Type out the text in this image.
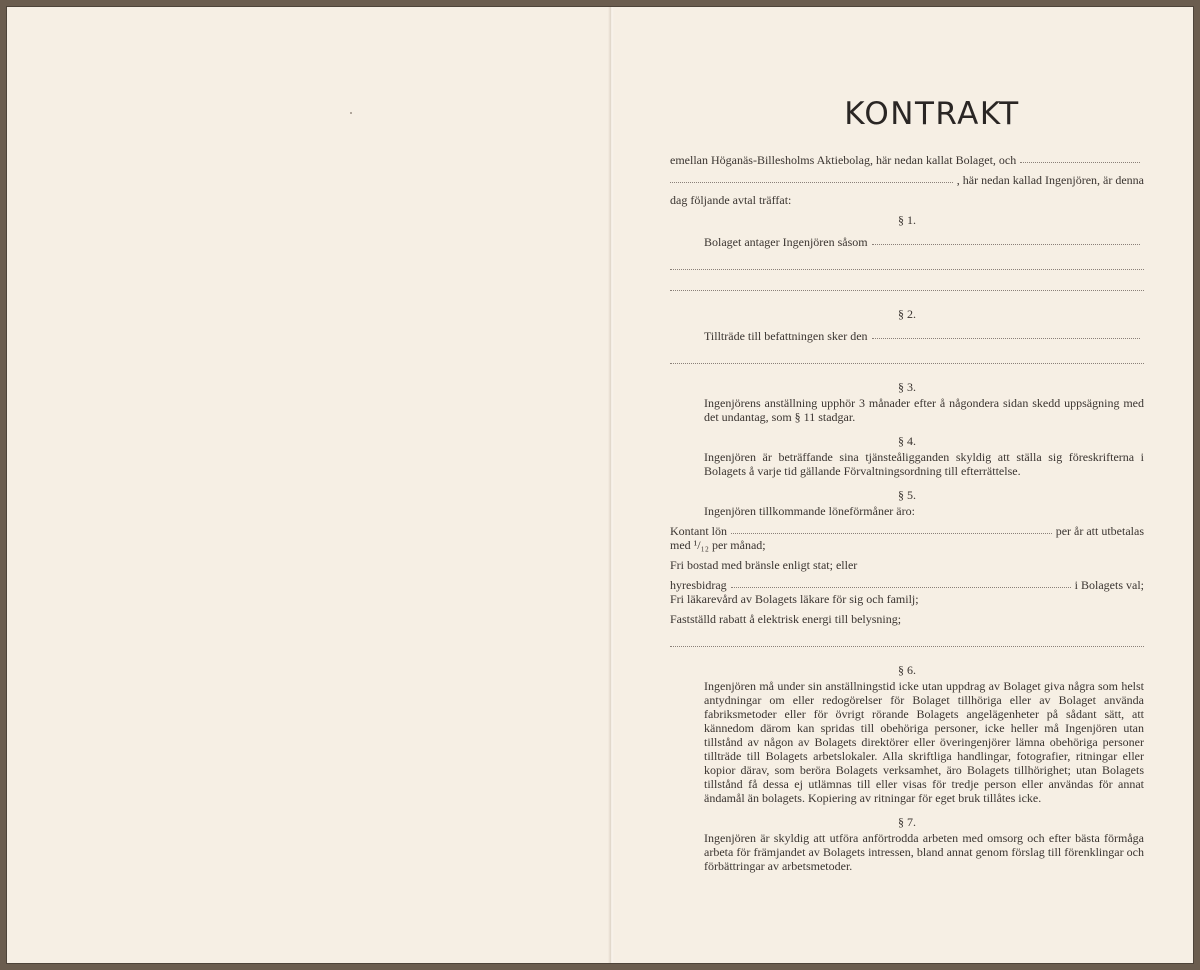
KONTRAKT
emellan Höganäs-Billesholms Aktiebolag, här nedan kallat Bolaget, och
, här nedan kallad Ingenjören, är denna
dag följande avtal träffat:
§ 1.
Bolaget antager Ingenjören såsom
§ 2.
Tillträde till befattningen sker den
§ 3.

Ingenjörens anställning upphör 3 månader efter å någondera sidan skedd uppsägning med det undantag, som § 11 stadgar.

§ 4.

Ingenjören är beträffande sina tjänsteåligganden skyldig att ställa sig föreskrifterna i Bolagets å varje tid gällande Förvaltningsordning till efterrättelse.

§ 5.

Ingenjören tillkommande löneförmåner äro:

Kontant lön	per år att utbetalas

med ¹/₁₂ per månad;

Fri bostad med bränsle enligt stat; eller
hyresbidrag	i Bolagets val;

Fri läkarevård av Bolagets läkare för sig och familj;

Fastställd rabatt å elektrisk energi till belysning;
§ 6.

Ingenjören må under sin anställningstid icke utan uppdrag av Bolaget giva några som helst antydningar om eller redogörelser för Bolaget tillhöriga eller av Bolaget använda fabriksmetoder eller för övrigt rörande Bolagets angelägenheter på sådant sätt, att kännedom därom kan spridas till obehöriga personer, icke heller må Ingenjören utan tillstånd av någon av Bolagets direktörer eller överingenjörer lämna obehöriga personer tillträde till Bolagets arbetslokaler. Alla skriftliga handlingar, fotografier, ritningar eller kopior därav, som beröra Bolagets verksamhet, äro Bolagets tillhörighet; utan Bolagets tillstånd få dessa ej utlämnas till eller visas för tredje person eller användas för annat ändamål än bolagets. Kopiering av ritningar för eget bruk tillåtes icke.

§ 7.

Ingenjören är skyldig att utföra anförtrodda arbeten med omsorg och efter bästa förmåga arbeta för främjandet av Bolagets intressen, bland annat genom förslag till förenklingar och förbättringar av arbetsmetoder.
